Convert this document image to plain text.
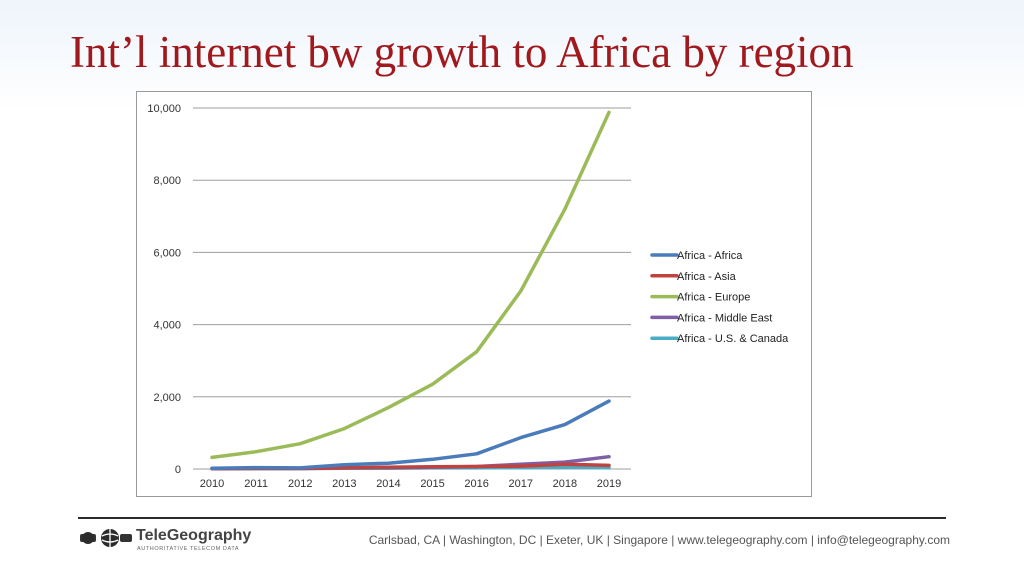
Int’l internet bw growth to Africa by region
0
2,000
4,000
6,000
8,000
10,000
2010 2011 2012 2013 2014 2015 2016 2017 2018 2019
Africa - Africa
Africa - Asia
Africa - Europe
Africa - Middle East
Africa - U.S. & Canada
TeleGeography
AUTHORITATIVE TELECOM DATA
Carlsbad, CA | Washington, DC | Exeter, UK | Singapore | www.telegeography.com | info@telegeography.com
